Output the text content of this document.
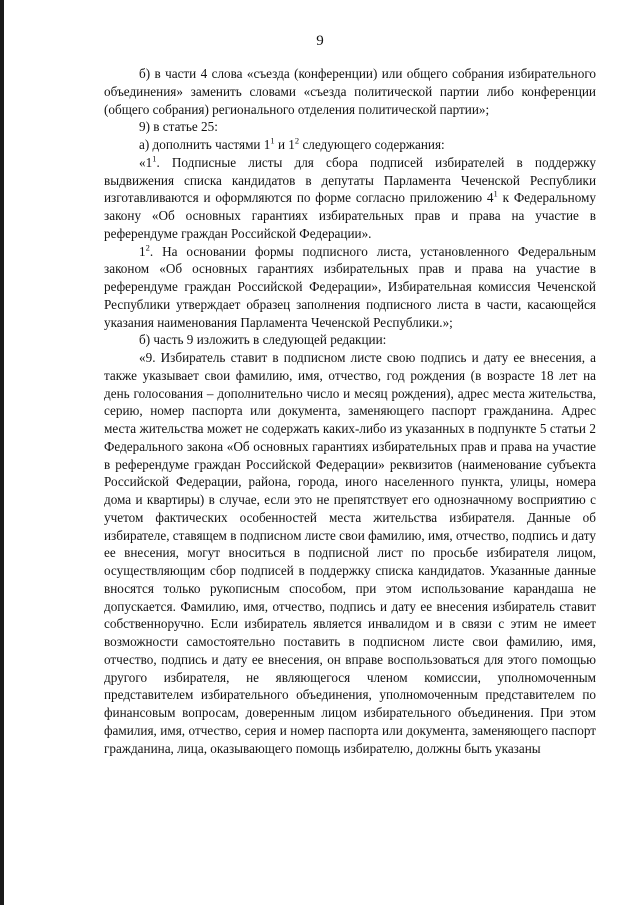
9

б) в части 4 слова «съезда (конференции) или общего собрания избирательного объединения» заменить словами «съезда политической партии либо конференции (общего собрания) регионального отделения политической партии»;

9) в статье 25:

а) дополнить частями $1^1$ и $1^2$ следующего содержания:

«$1^1$. Подписные листы для сбора подписей избирателей в поддержку выдвижения списка кандидатов в депутаты Парламента Чеченской Республики изготавливаются и оформляются по форме согласно приложению $4^1$ к Федеральному закону «Об основных гарантиях избирательных прав и права на участие в референдуме граждан Российской Федерации».

$1^2$. На основании формы подписного листа, установленного Федеральным законом «Об основных гарантиях избирательных прав и права на участие в референдуме граждан Российской Федерации», Избирательная комиссия Чеченской Республики утверждает образец заполнения подписного листа в части, касающейся указания наименования Парламента Чеченской Республики.»;

б) часть 9 изложить в следующей редакции:

«9. Избиратель ставит в подписном листе свою подпись и дату ее внесения, а также указывает свои фамилию, имя, отчество, год рождения (в возрасте 18 лет на день голосования – дополнительно число и месяц рождения), адрес места жительства, серию, номер паспорта или документа, заменяющего паспорт гражданина. Адрес места жительства может не содержать каких-либо из указанных в подпункте 5 статьи 2 Федерального закона «Об основных гарантиях избирательных прав и права на участие в референдуме граждан Российской Федерации» реквизитов (наименование субъекта Российской Федерации, района, города, иного населенного пункта, улицы, номера дома и квартиры) в случае, если это не препятствует его однозначному восприятию с учетом фактических особенностей места жительства избирателя. Данные об избирателе, ставящем в подписном листе свои фамилию, имя, отчество, подпись и дату ее внесения, могут вноситься в подписной лист по просьбе избирателя лицом, осуществляющим сбор подписей в поддержку списка кандидатов. Указанные данные вносятся только рукописным способом, при этом использование карандаша не допускается. Фамилию, имя, отчество, подпись и дату ее внесения избиратель ставит собственноручно. Если избиратель является инвалидом и в связи с этим не имеет возможности самостоятельно поставить в подписном листе свои фамилию, имя, отчество, подпись и дату ее внесения, он вправе воспользоваться для этого помощью другого избирателя, не являющегося членом комиссии, уполномоченным представителем избирательного объединения, уполномоченным представителем по финансовым вопросам, доверенным лицом избирательного объединения. При этом фамилия, имя, отчество, серия и номер паспорта или документа, заменяющего паспорт гражданина, лица, оказывающего помощь избирателю, должны быть указаны
